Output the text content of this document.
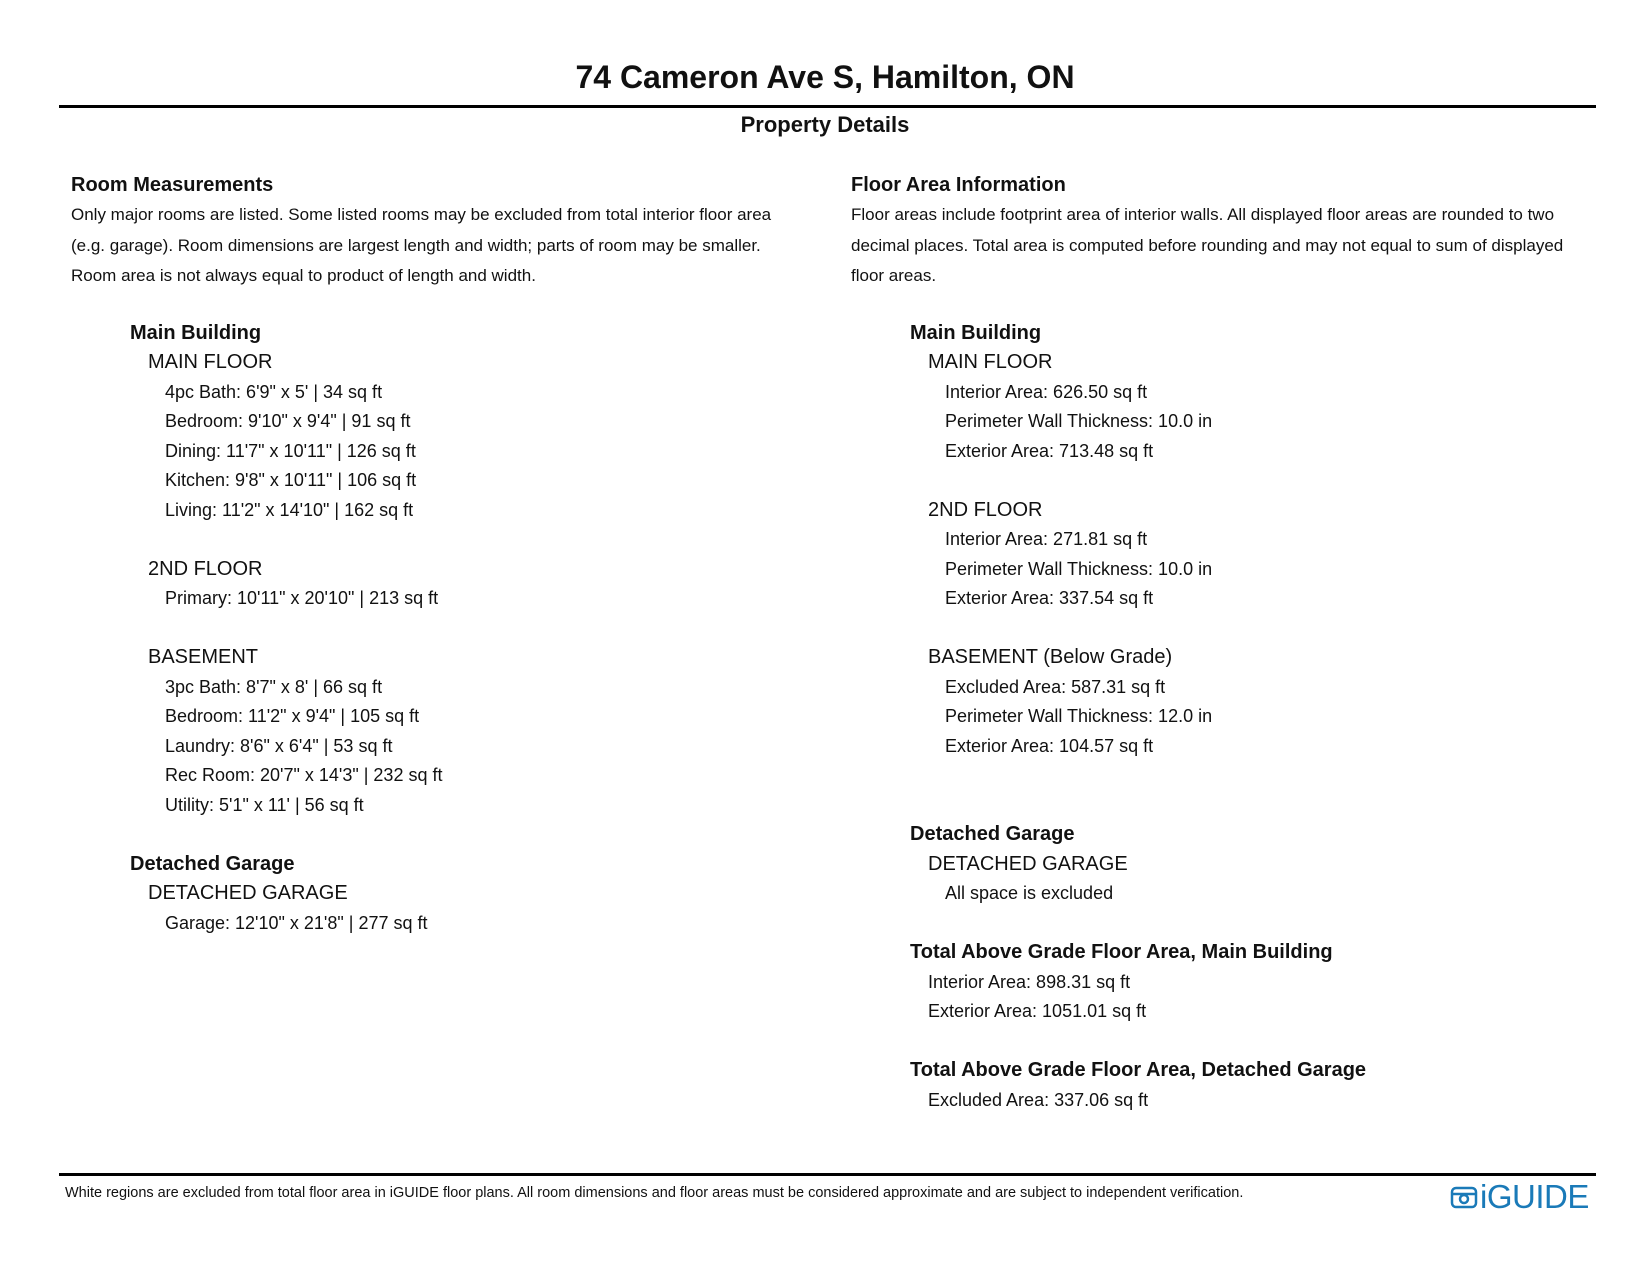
74 Cameron Ave S, Hamilton, ON
Property Details
Room Measurements

Only major rooms are listed. Some listed rooms may be excluded from total interior floor area
(e.g. garage). Room dimensions are largest length and width; parts of room may be smaller.
Room area is not always equal to product of length and width.

Main Building
MAIN FLOOR
4pc Bath: 6'9" x 5' | 34 sq ft
Bedroom: 9'10" x 9'4" | 91 sq ft
Dining: 11'7" x 10'11" | 126 sq ft
Kitchen: 9'8" x 10'11" | 106 sq ft
Living: 11'2" x 14'10" | 162 sq ft
2ND FLOOR
Primary: 10'11" x 20'10" | 213 sq ft
BASEMENT
3pc Bath: 8'7" x 8' | 66 sq ft
Bedroom: 11'2" x 9'4" | 105 sq ft
Laundry: 8'6" x 6'4" | 53 sq ft
Rec Room: 20'7" x 14'3" | 232 sq ft
Utility: 5'1" x 11' | 56 sq ft
Detached Garage
DETACHED GARAGE
Garage: 12'10" x 21'8" | 277 sq ft
Floor Area Information

Floor areas include footprint area of interior walls. All displayed floor areas are rounded to two
decimal places. Total area is computed before rounding and may not equal to sum of displayed
floor areas.

Main Building
MAIN FLOOR
Interior Area: 626.50 sq ft
Perimeter Wall Thickness: 10.0 in
Exterior Area: 713.48 sq ft
2ND FLOOR
Interior Area: 271.81 sq ft
Perimeter Wall Thickness: 10.0 in
Exterior Area: 337.54 sq ft
BASEMENT (Below Grade)
Excluded Area: 587.31 sq ft
Perimeter Wall Thickness: 12.0 in
Exterior Area: 104.57 sq ft
Detached Garage
DETACHED GARAGE
All space is excluded
Total Above Grade Floor Area, Main Building
Interior Area: 898.31 sq ft
Exterior Area: 1051.01 sq ft
Total Above Grade Floor Area, Detached Garage
Excluded Area: 337.06 sq ft
White regions are excluded from total floor area in iGUIDE floor plans. All room dimensions and floor areas must be considered approximate and are subject to independent verification.	iGUIDE
